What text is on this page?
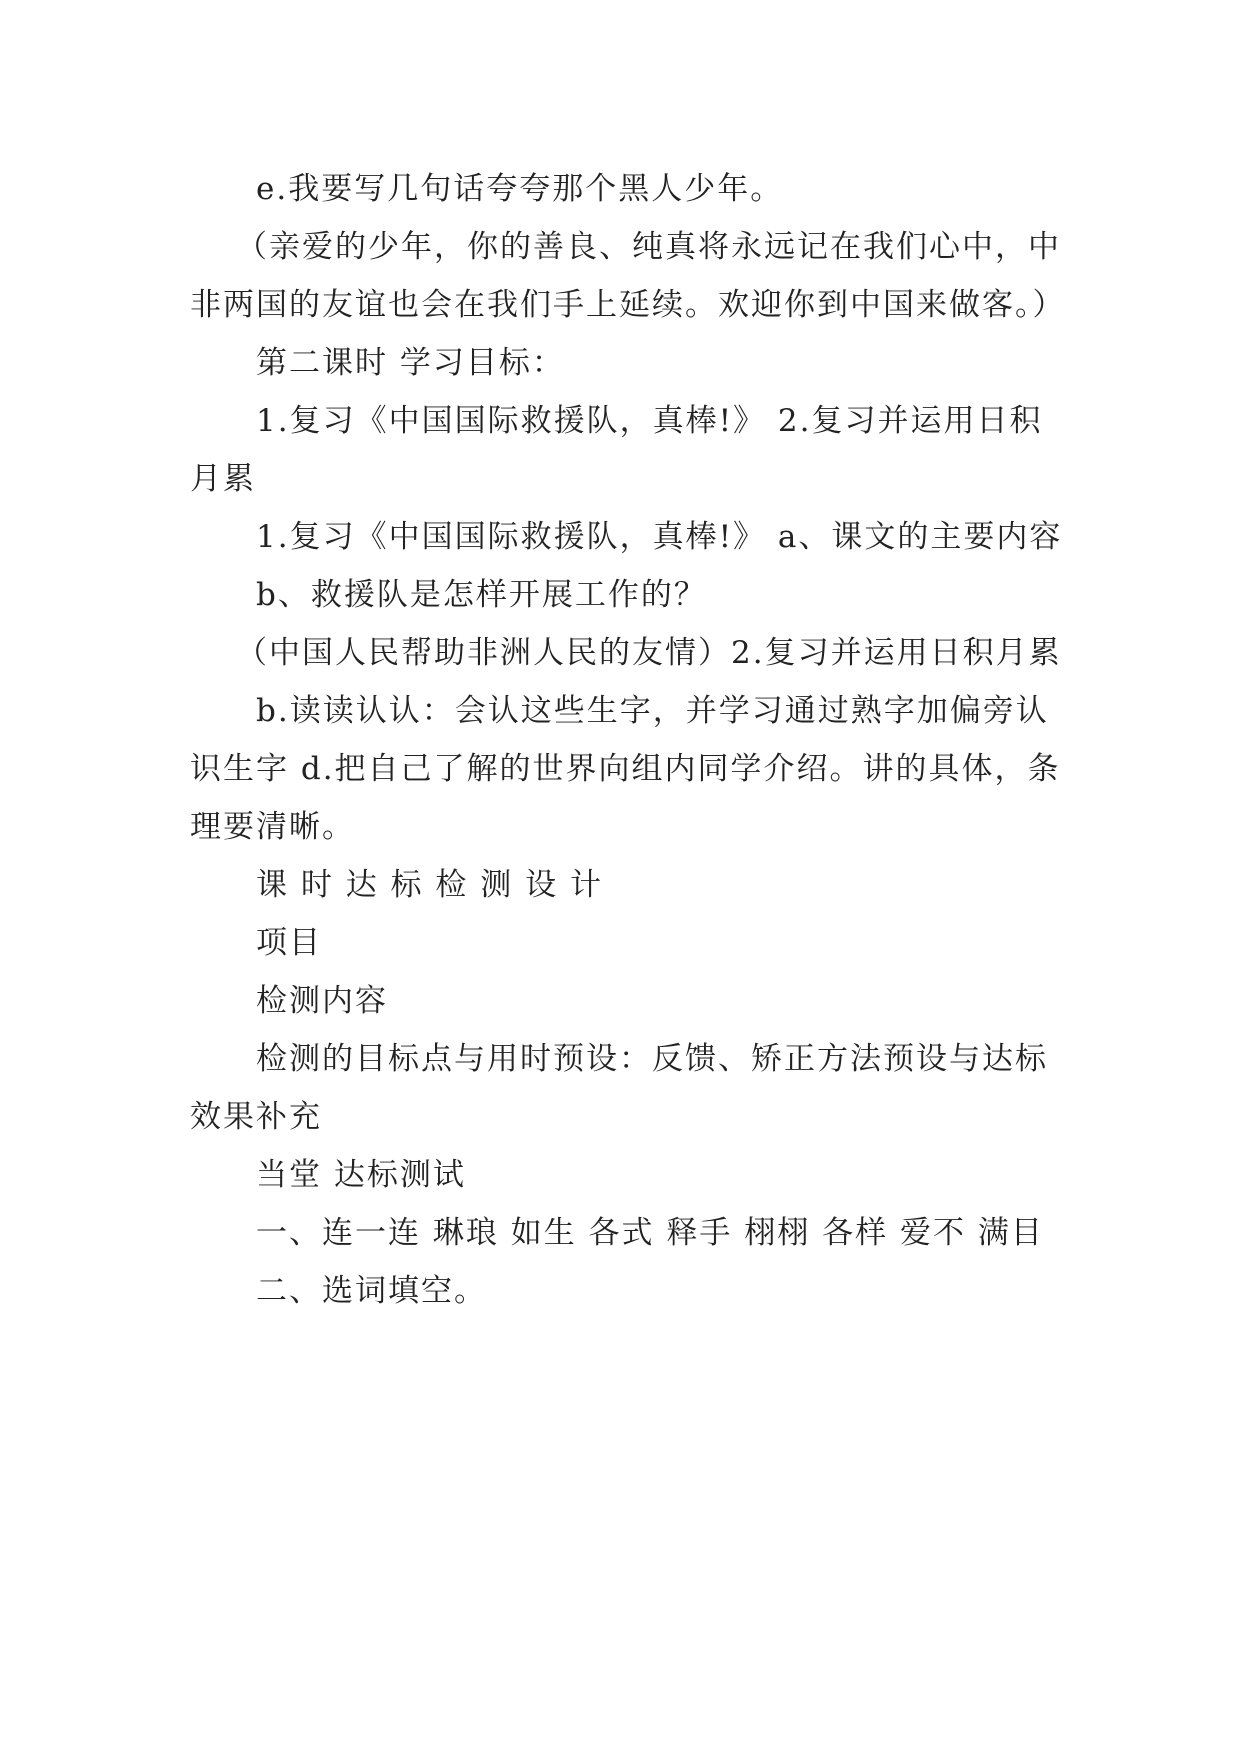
e.我要写几句话夸夸那个黑人少年。

（亲爱的少年，你的善良、纯真将永远记在我们心中，中非两国的友谊也会在我们手上延续。欢迎你到中国来做客。）

第二课时 学习目标：

1.复习《中国国际救援队，真棒!》 2.复习并运用日积月累

1.复习《中国国际救援队，真棒!》 a、课文的主要内容

b、救援队是怎样开展工作的？

（中国人民帮助非洲人民的友情）2.复习并运用日积月累

b.读读认认：会认这些生字，并学习通过熟字加偏旁认识生字 d.把自己了解的世界向组内同学介绍。讲的具体，条理要清晰。

课 时 达 标 检 测 设 计

项目

检测内容

检测的目标点与用时预设：反馈、矫正方法预设与达标效果补充

当堂 达标测试

一、连一连 琳琅 如生 各式 释手 栩栩 各样 爱不 满目

二、选词填空。
